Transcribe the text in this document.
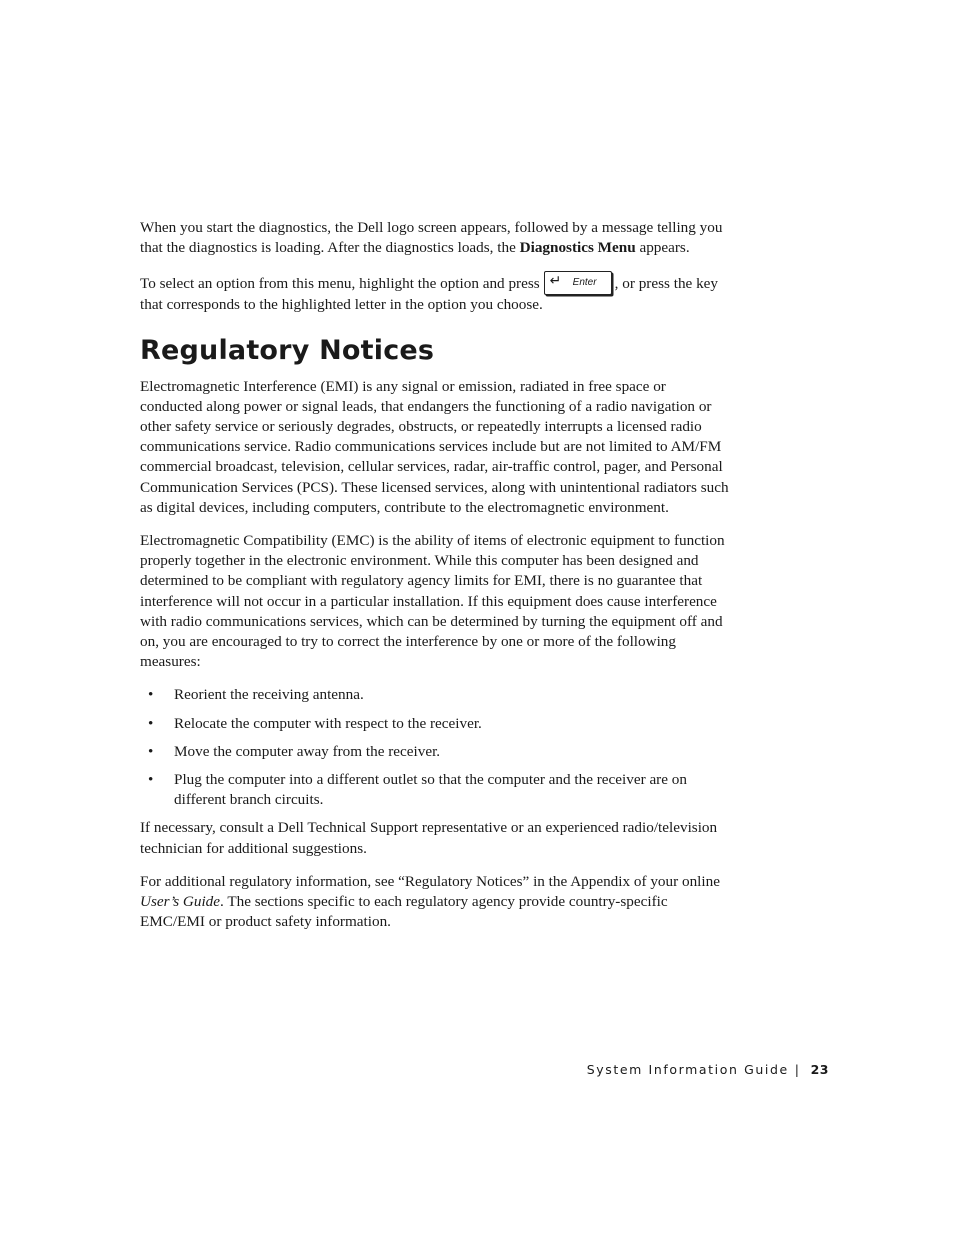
When you start the diagnostics, the Dell logo screen appears, followed by a message telling you that the diagnostics is loading. After the diagnostics loads, the Diagnostics Menu appears.

To select an option from this menu, highlight the option and press ↵ Enter , or press the key that corresponds to the highlighted letter in the option you choose.

Regulatory Notices

Electromagnetic Interference (EMI) is any signal or emission, radiated in free space or conducted along power or signal leads, that endangers the functioning of a radio navigation or other safety service or seriously degrades, obstructs, or repeatedly interrupts a licensed radio communications service. Radio communications services include but are not limited to AM/FM commercial broadcast, television, cellular services, radar, air-traffic control, pager, and Personal Communication Services (PCS). These licensed services, along with unintentional radiators such as digital devices, including computers, contribute to the electromagnetic environment.

Electromagnetic Compatibility (EMC) is the ability of items of electronic equipment to function properly together in the electronic environment. While this computer has been designed and determined to be compliant with regulatory agency limits for EMI, there is no guarantee that interference will not occur in a particular installation. If this equipment does cause interference with radio communications services, which can be determined by turning the equipment off and on, you are encouraged to try to correct the interference by one or more of the following measures:

• Reorient the receiving antenna.
• Relocate the computer with respect to the receiver.
• Move the computer away from the receiver.
• Plug the computer into a different outlet so that the computer and the receiver are on different branch circuits.

If necessary, consult a Dell Technical Support representative or an experienced radio/television technician for additional suggestions.

For additional regulatory information, see “Regulatory Notices” in the Appendix of your online User’s Guide. The sections specific to each regulatory agency provide country-specific EMC/EMI or product safety information.

System Information Guide | 23
